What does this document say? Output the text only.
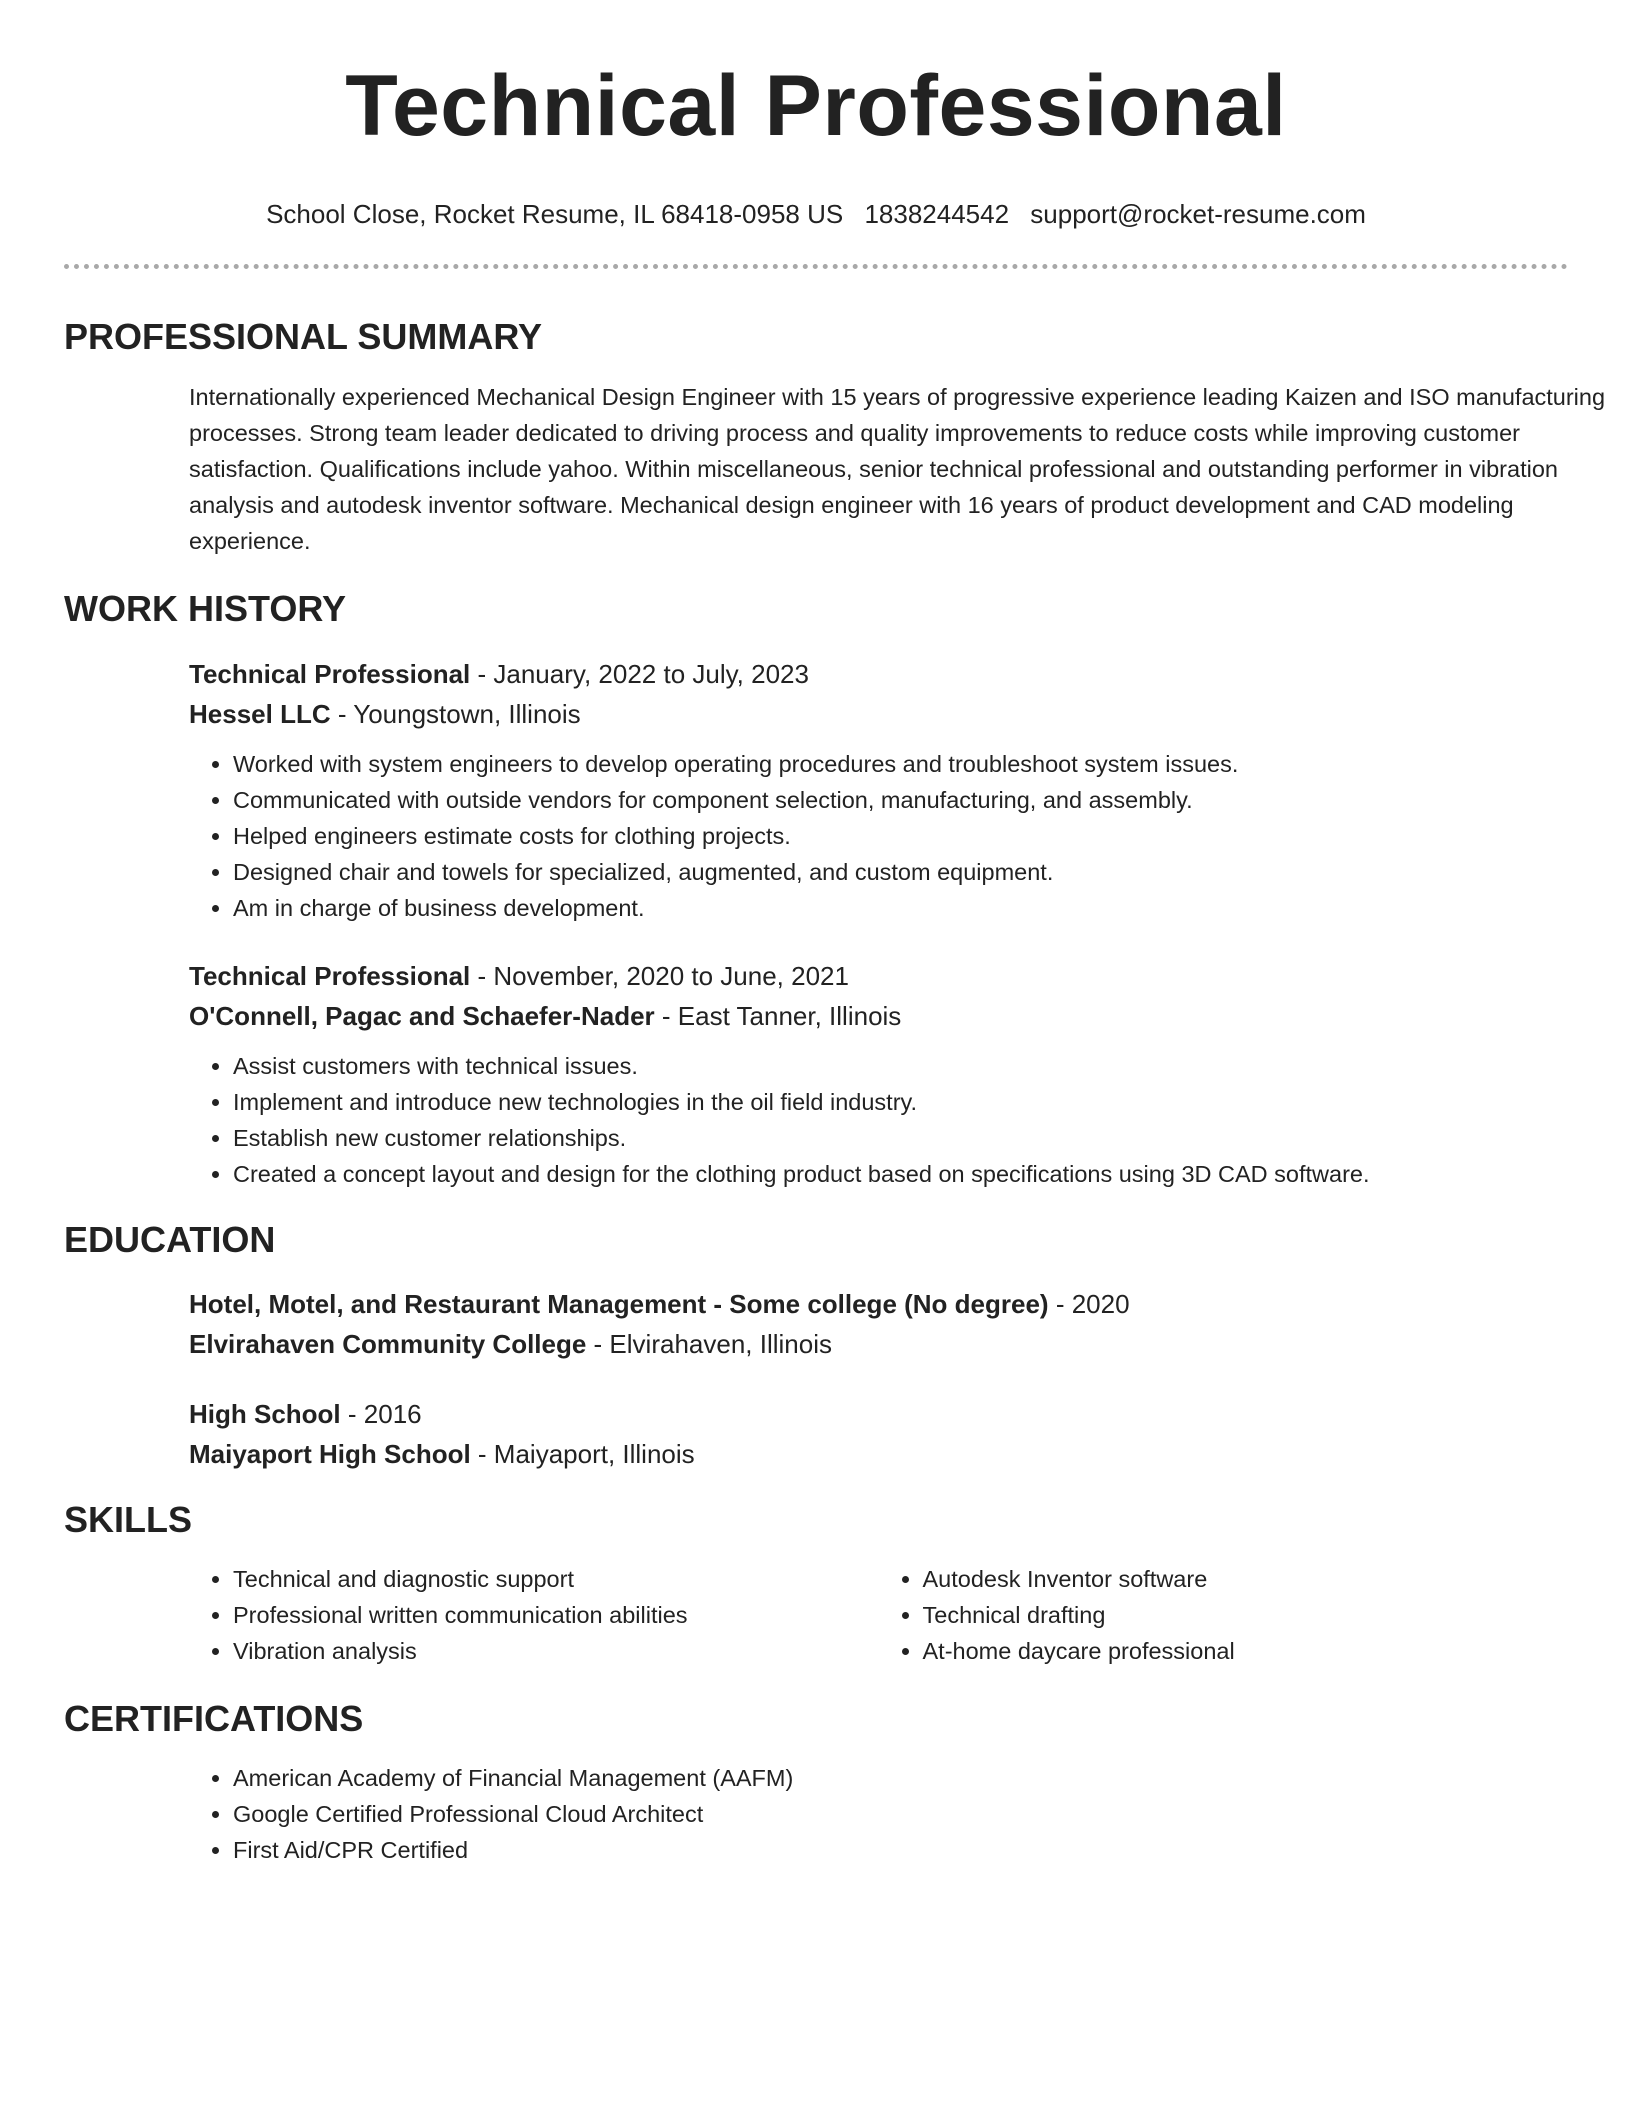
Technical Professional
School Close, Rocket Resume, IL 68418-0958 US 1838244542 support@rocket-resume.com
PROFESSIONAL SUMMARY

Internationally experienced Mechanical Design Engineer with 15 years of progressive experience leading Kaizen and ISO manufacturing processes. Strong team leader dedicated to driving process and quality improvements to reduce costs while improving customer satisfaction. Qualifications include yahoo. Within miscellaneous, senior technical professional and outstanding performer in vibration analysis and autodesk inventor software. Mechanical design engineer with 16 years of product development and CAD modeling experience.

WORK HISTORY
Technical Professional - January, 2022 to July, 2023
Hessel LLC - Youngstown, Illinois
• Worked with system engineers to develop operating procedures and troubleshoot system issues.
• Communicated with outside vendors for component selection, manufacturing, and assembly.
• Helped engineers estimate costs for clothing projects.
• Designed chair and towels for specialized, augmented, and custom equipment.
• Am in charge of business development.
Technical Professional - November, 2020 to June, 2021
O'Connell, Pagac and Schaefer-Nader - East Tanner, Illinois
• Assist customers with technical issues.
• Implement and introduce new technologies in the oil field industry.
• Establish new customer relationships.
• Created a concept layout and design for the clothing product based on specifications using 3D CAD software.
EDUCATION
Hotel, Motel, and Restaurant Management - Some college (No degree) - 2020
Elvirahaven Community College - Elvirahaven, Illinois
High School - 2016
Maiyaport High School - Maiyaport, Illinois
SKILLS
• Technical and diagnostic support
• Professional written communication abilities
• Vibration analysis
• Autodesk Inventor software
• Technical drafting
• At-home daycare professional
CERTIFICATIONS
• American Academy of Financial Management (AAFM)
• Google Certified Professional Cloud Architect
• First Aid/CPR Certified
